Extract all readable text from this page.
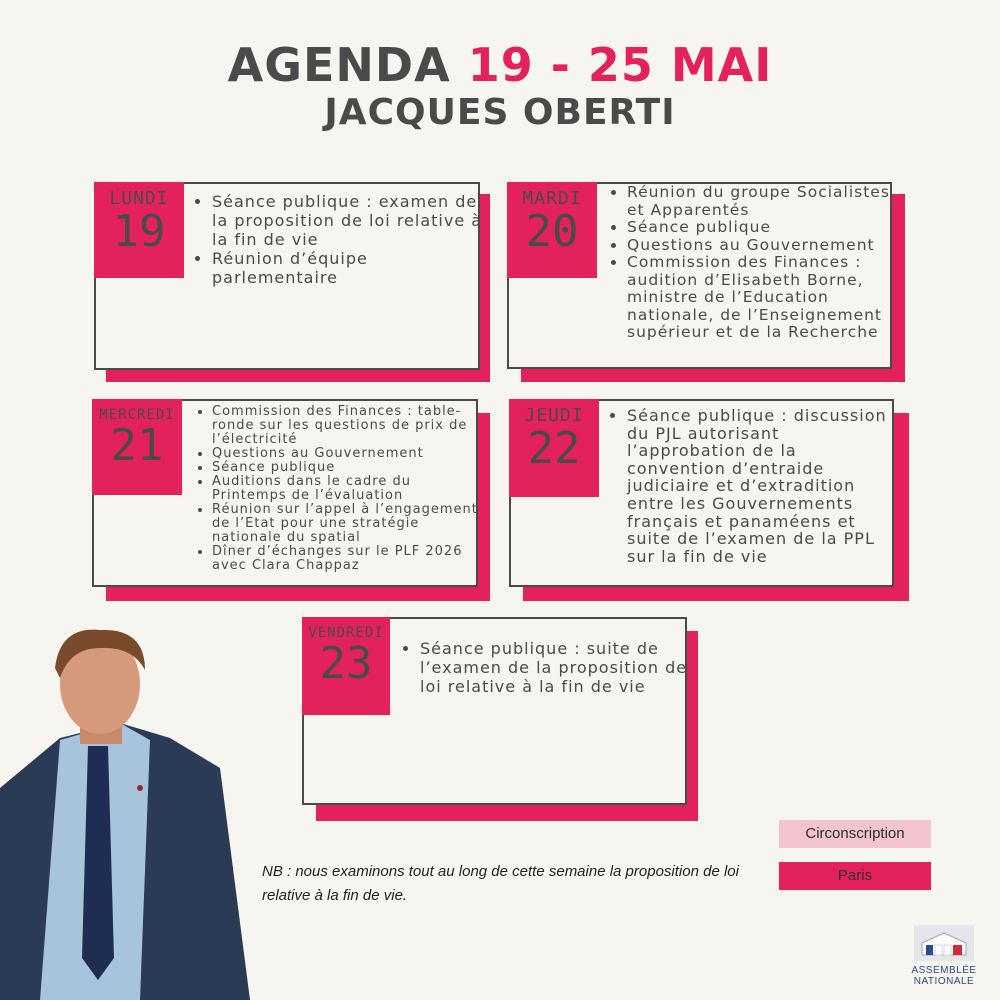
AGENDA 19 - 25 MAI
JACQUES OBERTI
LUNDI
19
• Séance publique : examen de la proposition de loi relative à la fin de vie
• Réunion d’équipe parlementaire
MARDI
20
• Réunion du groupe Socialistes et Apparentés
• Séance publique
• Questions au Gouvernement
• Commission des Finances : audition d’Elisabeth Borne, ministre de l’Education nationale, de l’Enseignement supérieur et de la Recherche
MERCREDI
21
• Commission des Finances : table-ronde sur les questions de prix de l’électricité
• Questions au Gouvernement
• Séance publique
• Auditions dans le cadre du Printemps de l’évaluation
• Réunion sur l’appel à l’engagement de l’Etat pour une stratégie nationale du spatial
• Dîner d’échanges sur le PLF 2026 avec Clara Chappaz
JEUDI
22
• Séance publique : discussion du PJL autorisant l’approbation de la convention d’entraide judiciaire et d’extradition entre les Gouvernements français et panaméens et suite de l’examen de la PPL sur la fin de vie
VENDREDI
23
•	Séance publique : suite de l’examen de la proposition de loi relative à la fin de vie
Circonscription
Paris
NB : nous examinons tout au long de cette semaine la proposition de loi relative à la fin de vie.
ASSEMBLÉE
NATIONALE
